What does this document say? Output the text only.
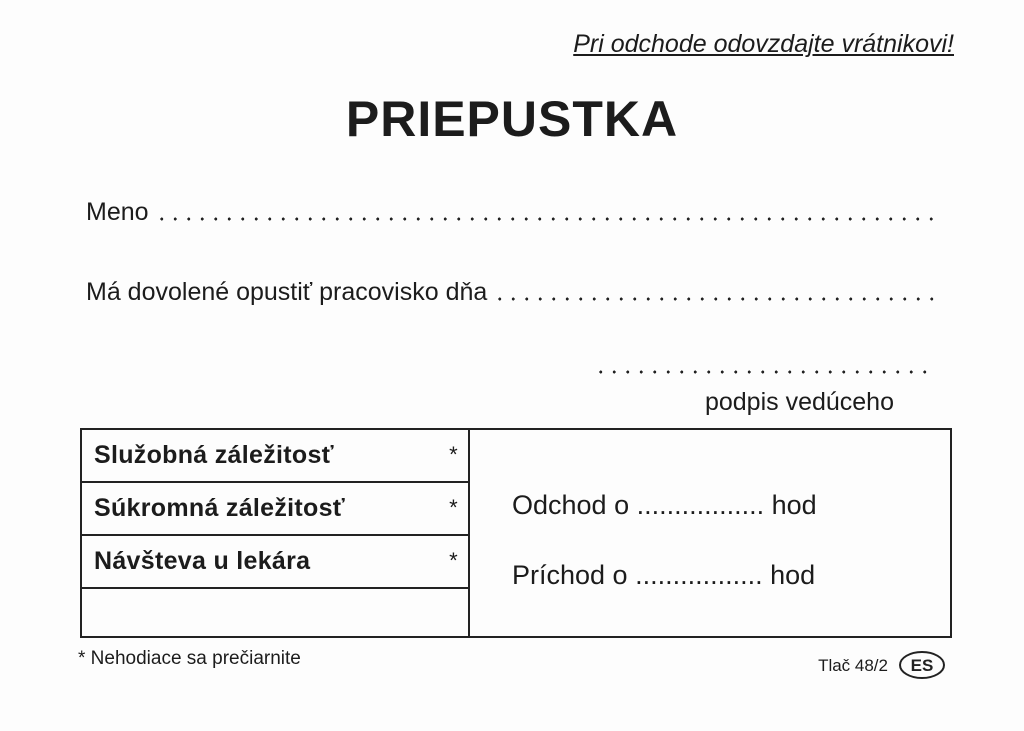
Pri odchode odovzdajte vrátnikovi!
PRIEPUSTKA
Meno
Má dovolené opustiť pracovisko dňa
podpis vedúceho
Služobná záležitosť	*
Súkromná záležitosť	*
Návšteva u lekára	*
Odchod o ................. hod
Príchod o ................. hod
* Nehodiace sa prečiarnite	Tlač 48/2 ES
